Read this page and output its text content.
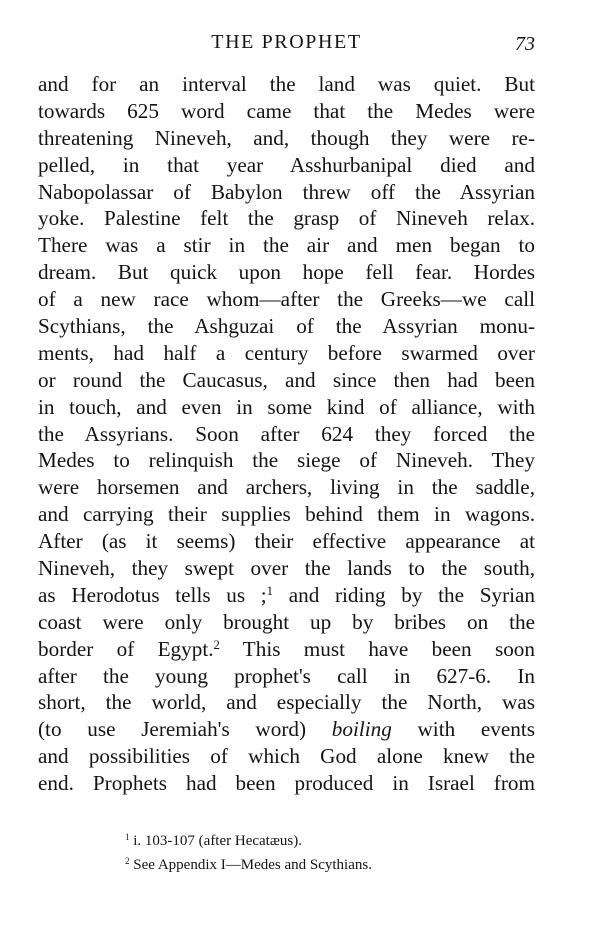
THE PROPHET	73
and for an interval the land was quiet. But
towards 625 word came that the Medes were
threatening Nineveh, and, though they were re-
pelled, in that year Asshurbanipal died and
Nabopolassar of Babylon threw off the Assyrian
yoke. Palestine felt the grasp of Nineveh relax.
There was a stir in the air and men began to
dream. But quick upon hope fell fear. Hordes
of a new race whom—after the Greeks—we call
Scythians, the Ashguzai of the Assyrian monu-
ments, had half a century before swarmed over
or round the Caucasus, and since then had been
in touch, and even in some kind of alliance, with
the Assyrians. Soon after 624 they forced the
Medes to relinquish the siege of Nineveh. They
were horsemen and archers, living in the saddle,
and carrying their supplies behind them in wagons.
After (as it seems) their effective appearance at
Nineveh, they swept over the lands to the south,
as Herodotus tells us ;$^1$ and riding by the Syrian
coast were only brought up by bribes on the
border of Egypt.$^2$ This must have been soon
after the young prophet's call in 627-6. In
short, the world, and especially the North, was
(to use Jeremiah's word) boiling with events
and possibilities of which God alone knew the
end. Prophets had been produced in Israel from
$^1$ i. 103-107 (after Hecatæus).
$^2$ See Appendix I—Medes and Scythians.
